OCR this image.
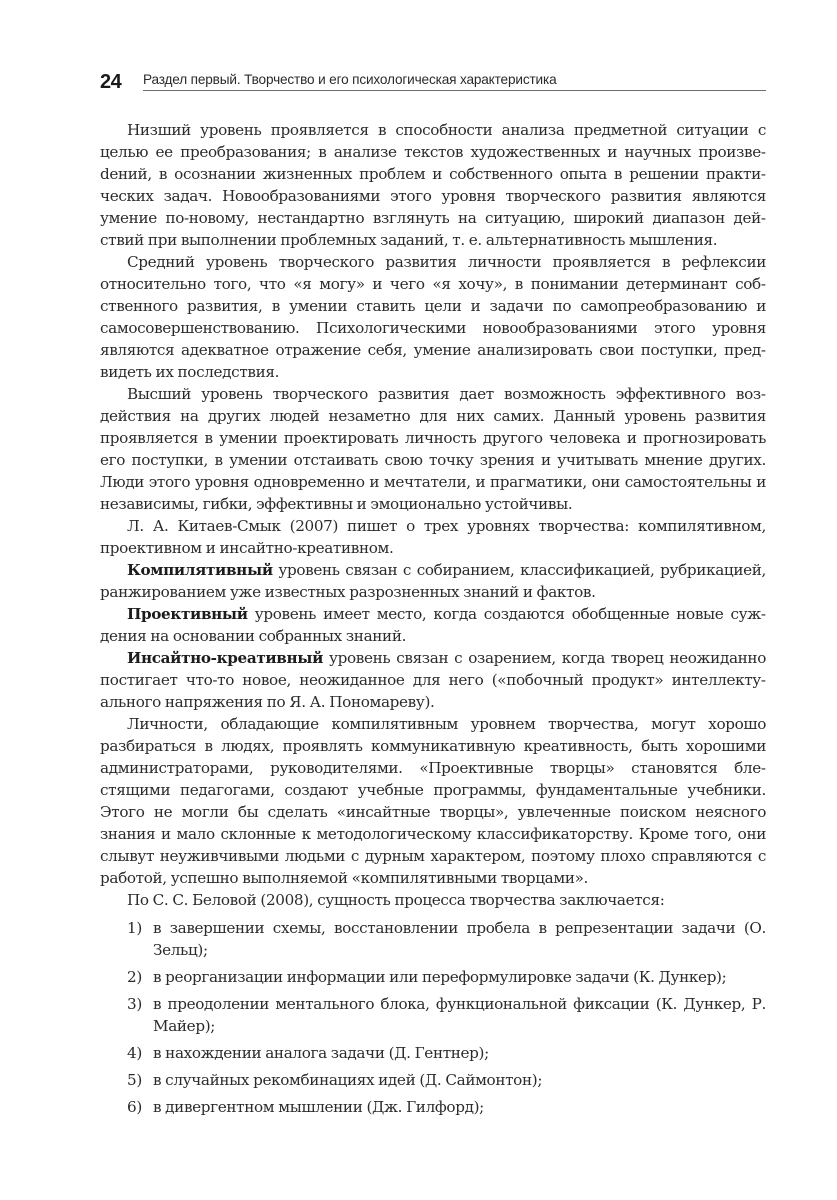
24 Раздел первый. Творчество и его психологическая характеристика

Низший уровень проявляется в способности анализа предметной ситуации с целью ее преобразования; в анализе текстов художественных и научных произвеdений, в осознании жизненных проблем и собственного опыта в решении практических задач. Новообразованиями этого уровня творческого развития являются умение по-новому, нестандартно взглянуть на ситуацию, широкий диапазон действий при выполнении проблемных заданий, т. е. альтернативность мышления.

Средний уровень творческого развития личности проявляется в рефлексии относительно того, что «я могу» и чего «я хочу», в понимании детерминант собственного развития, в умении ставить цели и задачи по самопреобразованию и самосовершенствованию. Психологическими новообразованиями этого уровня являются адекватное отражение себя, умение анализировать свои поступки, предвидеть их последствия.

Высший уровень творческого развития дает возможность эффективного воздействия на других людей незаметно для них самих. Данный уровень развития проявляется в умении проектировать личность другого человека и прогнозировать его поступки, в умении отстаивать свою точку зрения и учитывать мнение других. Люди этого уровня одновременно и мечтатели, и прагматики, они самостоятельны и независимы, гибки, эффективны и эмоционально устойчивы.

Л. А. Китаев-Смык (2007) пишет о трех уровнях творчества: компилятивном, проективном и инсайтно-креативном.

Компилятивный уровень связан с собиранием, классификацией, рубрикацией, ранжированием уже известных разрозненных знаний и фактов.

Проективный уровень имеет место, когда создаются обобщенные новые суждения на основании собранных знаний.

Инсайтно-креативный уровень связан с озарением, когда творец неожиданно постигает что-то новое, неожиданное для него («побочный продукт» интеллектуального напряжения по Я. А. Пономареву).

Личности, обладающие компилятивным уровнем творчества, могут хорошо разбираться в людях, проявлять коммуникативную креативность, быть хорошими администраторами, руководителями. «Проективные творцы» становятся блестящими педагогами, создают учебные программы, фундаментальные учебники. Этого не могли бы сделать «инсайтные творцы», увлеченные поиском неясного знания и мало склонные к методологическому классификаторству. Кроме того, они слывут неуживчивыми людьми с дурным характером, поэтому плохо справляются с работой, успешно выполняемой «компилятивными творцами».

По С. С. Беловой (2008), сущность процесса творчества заключается:

1) в завершении схемы, восстановлении пробела в репрезентации задачи (О. Зельц);
2) в реорганизации информации или переформулировке задачи (К. Дункер);
3) в преодолении ментального блока, функциональной фиксации (К. Дункер, Р. Майер);
4) в нахождении аналога задачи (Д. Гентнер);
5) в случайных рекомбинациях идей (Д. Саймонтон);
6) в дивергентном мышлении (Дж. Гилфорд);
